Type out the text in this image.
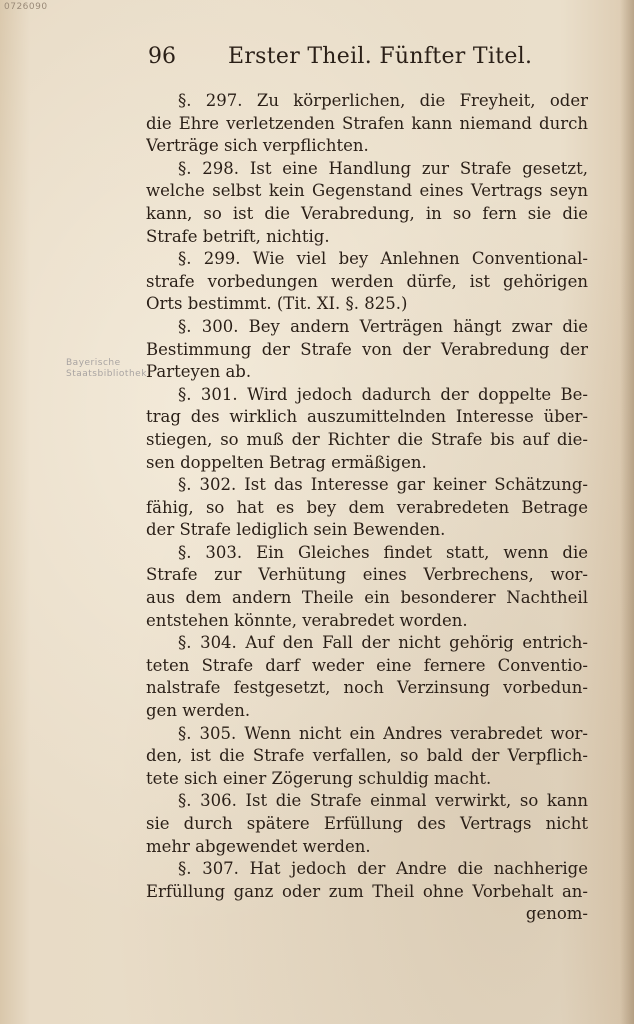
0726090
96 Erster Theil. Fünfter Titel.
Bayerische
Staatsbibliothek
§. 297. Zu körperlichen, die Freyheit, oder
die Ehre verletzenden Strafen kann niemand durch
Verträge sich verpflichten.
§. 298. Ist eine Handlung zur Strafe gesetzt,
welche selbst kein Gegenstand eines Vertrags seyn
kann, so ist die Verabredung, in so fern sie die
Strafe betrift, nichtig.
§. 299. Wie viel bey Anlehnen Conventional-
strafe vorbedungen werden dürfe, ist gehörigen
Orts bestimmt. (Tit. XI. §. 825.)
§. 300. Bey andern Verträgen hängt zwar die
Bestimmung der Strafe von der Verabredung der
Parteyen ab.
§. 301. Wird jedoch dadurch der doppelte Be-
trag des wirklich auszumittelnden Interesse über-
stiegen, so muß der Richter die Strafe bis auf die-
sen doppelten Betrag ermäßigen.
§. 302. Ist das Interesse gar keiner Schätzung-
fähig, so hat es bey dem verabredeten Betrage
der Strafe lediglich sein Bewenden.
§. 303. Ein Gleiches findet statt, wenn die
Strafe zur Verhütung eines Verbrechens, wor-
aus dem andern Theile ein besonderer Nachtheil
entstehen könnte, verabredet worden.
§. 304. Auf den Fall der nicht gehörig entrich-
teten Strafe darf weder eine fernere Conventio-
nalstrafe festgesetzt, noch Verzinsung vorbedun-
gen werden.
§. 305. Wenn nicht ein Andres verabredet wor-
den, ist die Strafe verfallen, so bald der Verpflich-
tete sich einer Zögerung schuldig macht.
§. 306. Ist die Strafe einmal verwirkt, so kann
sie durch spätere Erfüllung des Vertrags nicht
mehr abgewendet werden.
§. 307. Hat jedoch der Andre die nachherige
Erfüllung ganz oder zum Theil ohne Vorbehalt an-
genom-
